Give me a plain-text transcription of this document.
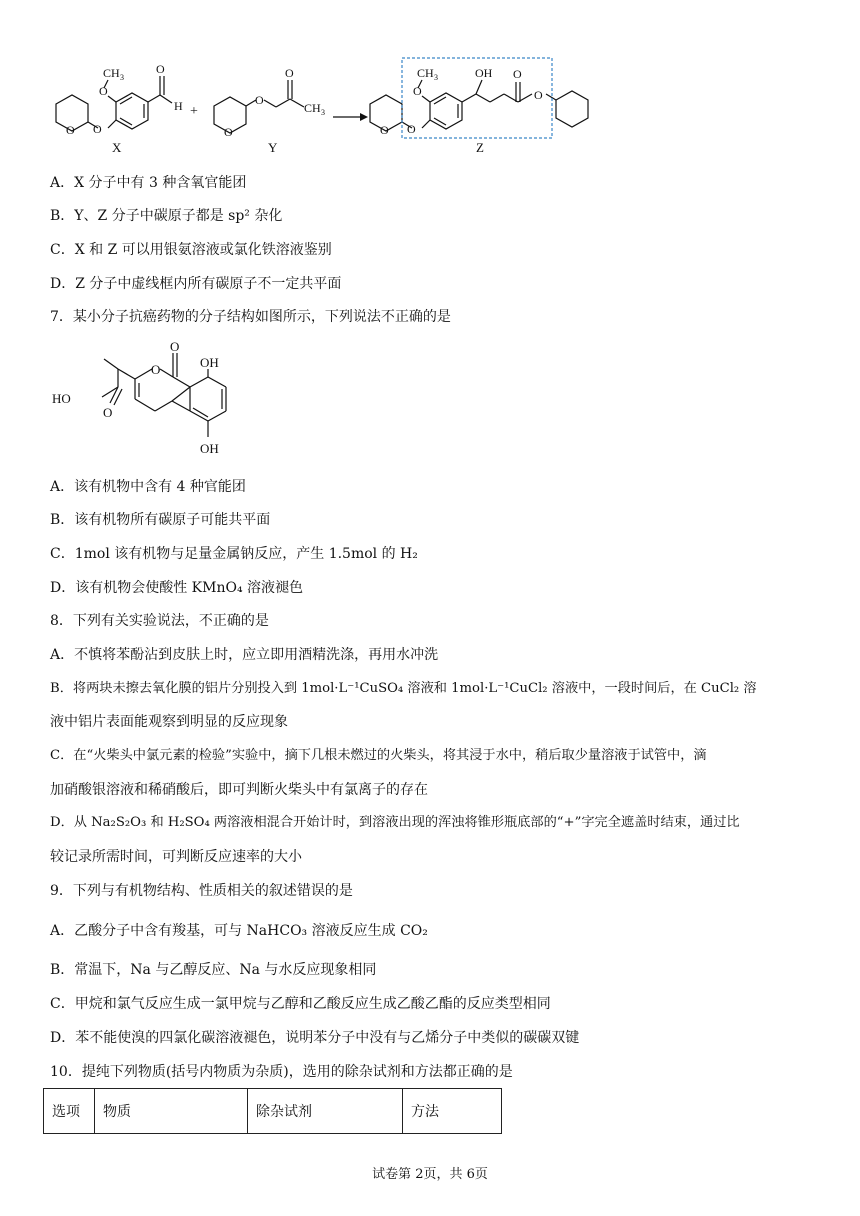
O O
O
CH 3
O
H +
O
O
O
CH 3
O O
O
CH 3	OH O
O
X	Y	Z
A．X 分子中有 3 种含氧官能团
B．Y、Z 分子中碳原子都是 sp² 杂化
C．X 和 Z 可以用银氨溶液或氯化铁溶液鉴别
D．Z 分子中虚线框内所有碳原子不一定共平面
7．某小分子抗癌药物的分子结构如图所示，下列说法不正确的是
O
O	OH
OH
HO
O
A．该有机物中含有 4 种官能团
B．该有机物所有碳原子可能共平面
C．1mol 该有机物与足量金属钠反应，产生 1.5mol 的 H₂
D．该有机物会使酸性 KMnO₄ 溶液褪色
8．下列有关实验说法，不正确的是
A．不慎将苯酚沾到皮肤上时，应立即用酒精洗涤，再用水冲洗
B．将两块未擦去氧化膜的铝片分别投入到 1mol·L⁻¹CuSO₄ 溶液和 1mol·L⁻¹CuCl₂ 溶液中，一段时间后，在 CuCl₂ 溶
液中铝片表面能观察到明显的反应现象
C．在“火柴头中氯元素的检验”实验中，摘下几根未燃过的火柴头，将其浸于水中，稍后取少量溶液于试管中，滴
加硝酸银溶液和稀硝酸后，即可判断火柴头中有氯离子的存在
D．从 Na₂S₂O₃ 和 H₂SO₄ 两溶液相混合开始计时，到溶液出现的浑浊将锥形瓶底部的“+”字完全遮盖时结束，通过比
较记录所需时间，可判断反应速率的大小
9．下列与有机物结构、性质相关的叙述错误的是
A．乙酸分子中含有羧基，可与 NaHCO₃ 溶液反应生成 CO₂
B．常温下，Na 与乙醇反应、Na 与水反应现象相同
C．甲烷和氯气反应生成一氯甲烷与乙醇和乙酸反应生成乙酸乙酯的反应类型相同
D．苯不能使溴的四氯化碳溶液褪色，说明苯分子中没有与乙烯分子中类似的碳碳双键
10．提纯下列物质(括号内物质为杂质)，选用的除杂试剂和方法都正确的是
选项	物质	除杂试剂	方法
试卷第 2页，共 6页
